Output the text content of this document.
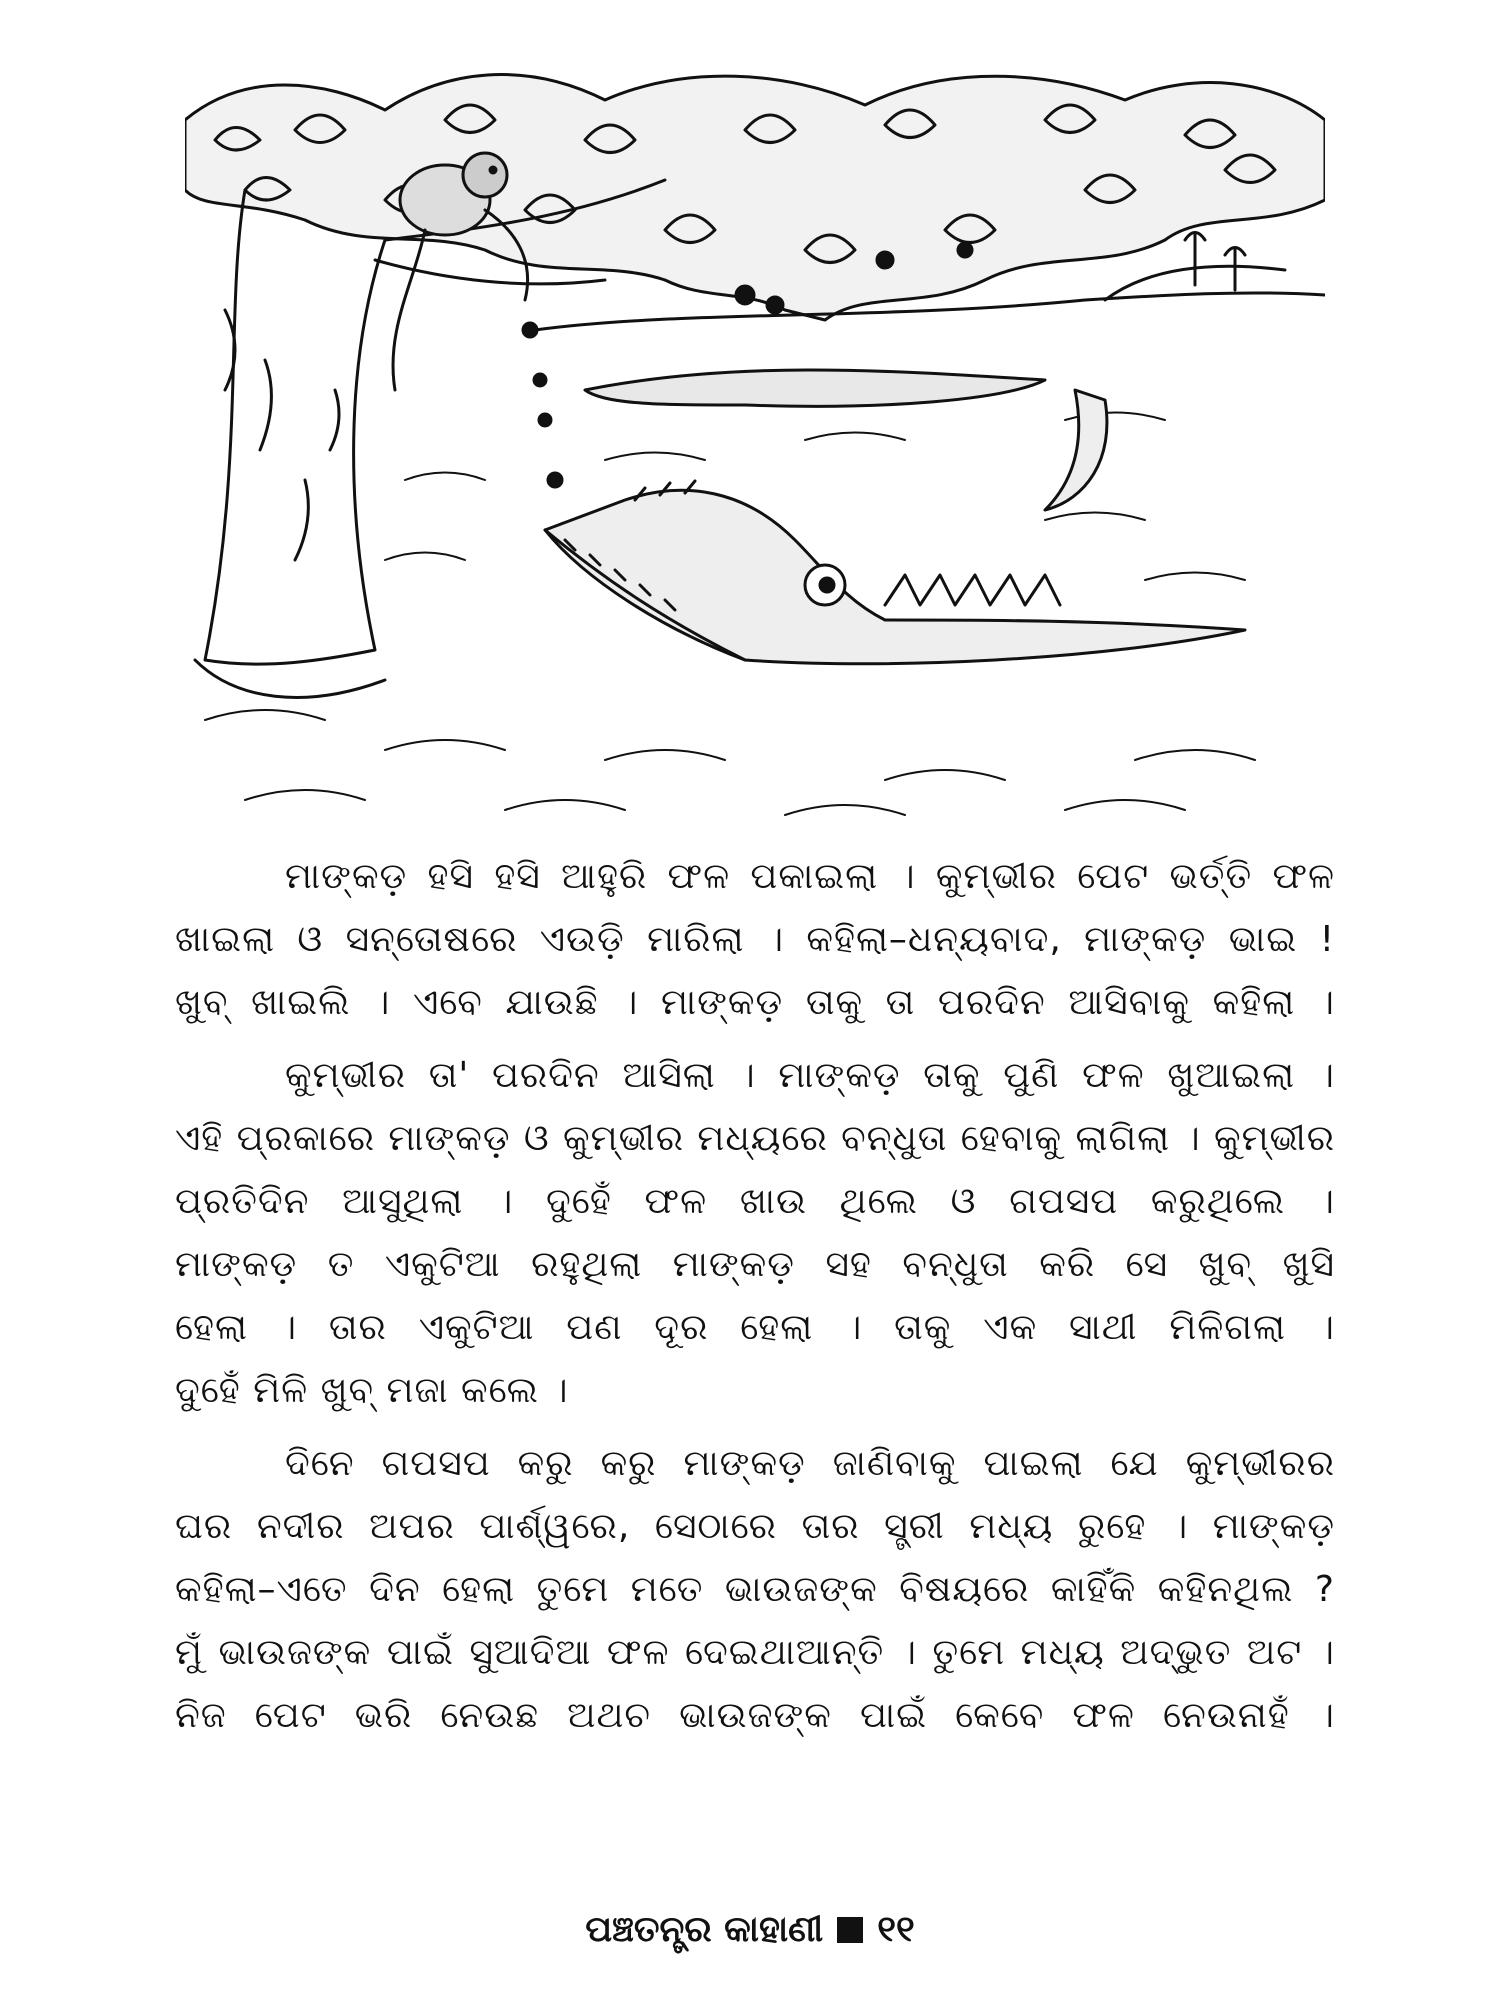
ମାଙ୍କଡ଼ ହସି ହସି ଆହୁରି ଫଳ ପକାଇଲା । କୁମ୍ଭୀର ପେଟ ଭର୍ତ୍ତି ଫଳ
ଖାଇଲା ଓ ସନ୍ତୋଷରେ ଏଉଡ଼ି ମାରିଲା । କହିଲା–ଧନ୍ୟବାଦ, ମାଙ୍କଡ଼ ଭାଇ !
ଖୁବ୍ ଖାଇଲି । ଏବେ ଯାଉଛି । ମାଙ୍କଡ଼ ତାକୁ ତା ପରଦିନ ଆସିବାକୁ କହିଲା ।
କୁମ୍ଭୀର ତା' ପରଦିନ ଆସିଲା । ମାଙ୍କଡ଼ ତାକୁ ପୁଣି ଫଳ ଖୁଆଇଲା ।
ଏହି ପ୍ରକାରେ ମାଙ୍କଡ଼ ଓ କୁମ୍ଭୀର ମଧ୍ୟରେ ବନ୍ଧୁତା ହେବାକୁ ଲାଗିଲା । କୁମ୍ଭୀର
ପ୍ରତିଦିନ ଆସୁଥିଲା । ଦୁହେଁ ଫଳ ଖାଉ ଥିଲେ ଓ ଗପସପ କରୁଥିଲେ ।
ମାଙ୍କଡ଼ ତ ଏକୁଟିଆ ରହୁଥିଲା ମାଙ୍କଡ଼ ସହ ବନ୍ଧୁତା କରି ସେ ଖୁବ୍ ଖୁସି
ହେଲା । ତାର ଏକୁଟିଆ ପଣ ଦୂର ହେଲା । ତାକୁ ଏକ ସାଥୀ ମିଳିଗଲା ।
ଦୁହେଁ ମିଳି ଖୁବ୍ ମଜା କଲେ ।
ଦିନେ ଗପସପ କରୁ କରୁ ମାଙ୍କଡ଼ ଜାଣିବାକୁ ପାଇଲା ଯେ କୁମ୍ଭୀରର
ଘର ନଦୀର ଅପର ପାର୍ଶ୍ୱରେ, ସେଠାରେ ତାର ସ୍ତ୍ରୀ ମଧ୍ୟ ରୁହେ । ମାଙ୍କଡ଼
କହିଲା–ଏତେ ଦିନ ହେଲା ତୁମେ ମତେ ଭାଉଜଙ୍କ ବିଷୟରେ କାହିଁକି କହିନଥିଲ ?
ମୁଁ ଭାଉଜଙ୍କ ପାଇଁ ସୁଆଦିଆ ଫଳ ଦେଇଥାଆନ୍ତି । ତୁମେ ମଧ୍ୟ ଅଦ୍ଭୁତ ଅଟ ।
ନିଜ ପେଟ ଭରି ନେଉଛ ଅଥଚ ଭାଉଜଙ୍କ ପାଇଁ କେବେ ଫଳ ନେଉନାହଁ ।
ପଞ୍ଚତନ୍ତ୍ର କାହାଣୀ ୧୧
